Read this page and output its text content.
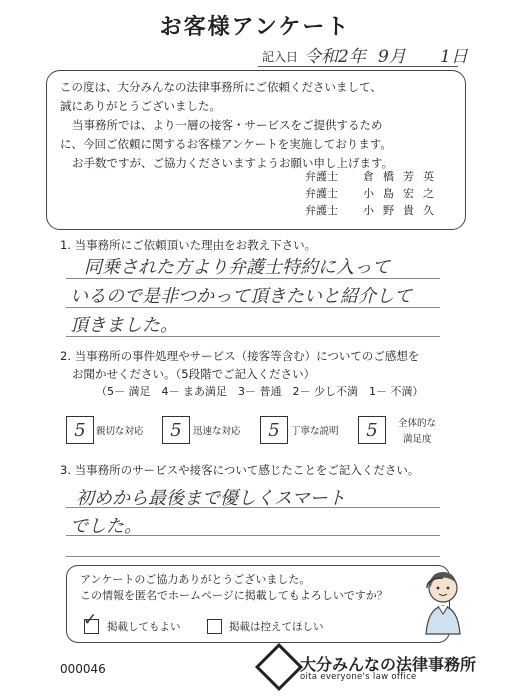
お客様アンケート
記入日 令和2年 9月 1日

この度は、大分みんなの法律事務所にご依頼くださいまして、

誠にありがとうございました。

当事務所では、より一層の接客・サービスをご提供するため

に、今回ご依頼に関するお客様アンケートを実施しております。

お手数ですが、ご協力くださいますようお願い申し上げます。

弁護士	倉橋芳英
弁護士	小島宏之
弁護士	小野貴久
1. 当事務所にご依頼頂いた理由をお教え下さい。
同乗された方より弁護士特約に入って
いるので是非つかって頂きたいと紹介して
頂きました。
2. 当事務所の事件処理やサービス（接客等含む）についてのご感想を
お聞かせください。（5段階でご記入ください）
（5－ 満足　4－ まあ満足　3－ 普通　2－ 少し不満　1－ 不満）
5	親切な対応	5	迅速な対応	5	丁寧な説明	5	全体的な
満足度
3. 当事務所のサービスや接客について感じたことをご記入ください。
初めから最後まで優しくスマート
でした。
アンケートのご協力ありがとうございました。
この情報を匿名でホームページに掲載してもよろしいですか？
✓ 掲載してもよい	掲載は控えてほしい
000046	大分みんなの法律事務所
oita everyone's law office
